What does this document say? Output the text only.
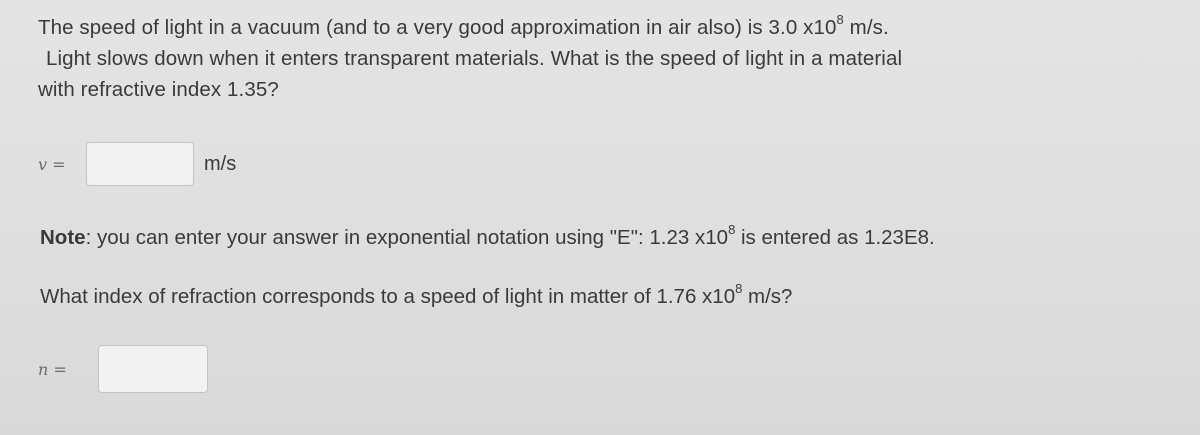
The speed of light in a vacuum (and to a very good approximation in air also) is 3.0 $x10^8$ m/s.
Light slows down when it enters transparent materials. What is the speed of light in a material
with refractive index 1.35?
v =	m/s
Note: you can enter your answer in exponential notation using "E": 1.23 $x10^8$ is entered as 1.23E8.
What index of refraction corresponds to a speed of light in matter of 1.76 $x10^8$ m/s?
n =
